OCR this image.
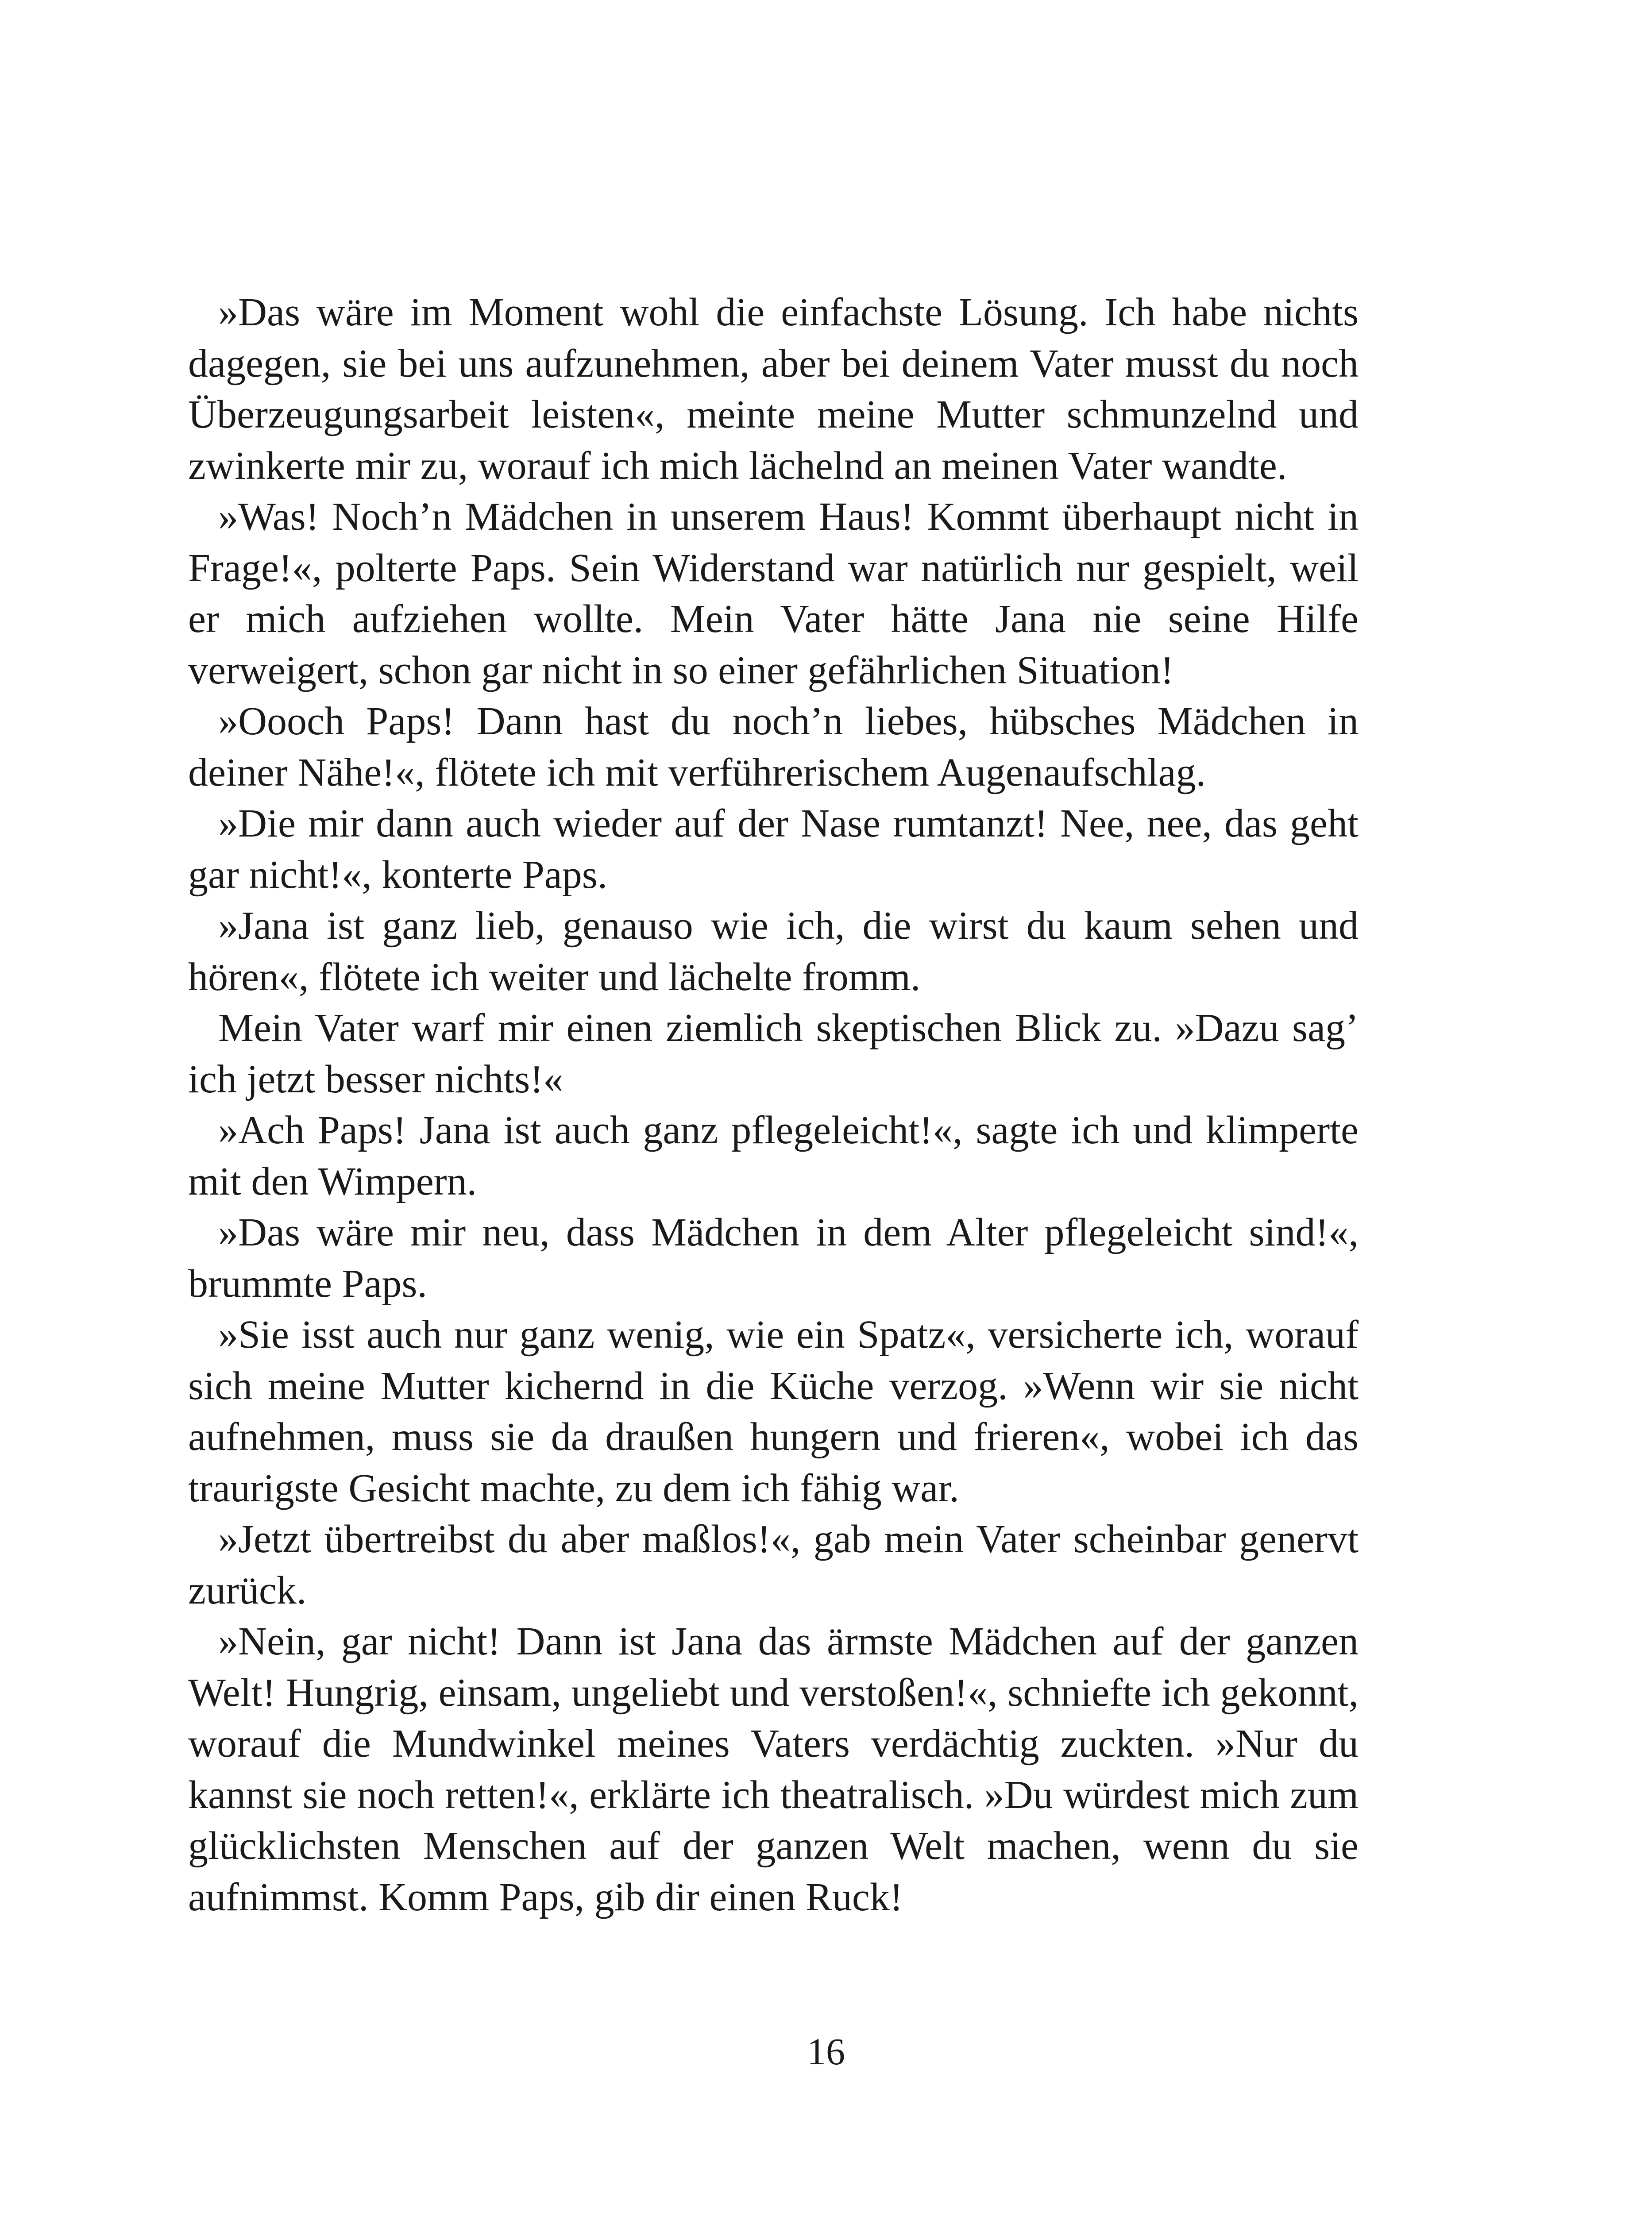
»Das wäre im Moment wohl die einfachste Lösung. Ich habe nichts dagegen, sie bei uns aufzunehmen, aber bei deinem Vater musst du noch Überzeugungsarbeit leisten«, meinte meine Mutter schmunzelnd und zwinkerte mir zu, worauf ich mich lächelnd an meinen Vater wandte.

»Was! Noch’n Mädchen in unserem Haus! Kommt überhaupt nicht in Frage!«, polterte Paps. Sein Widerstand war natürlich nur gespielt, weil er mich aufziehen wollte. Mein Vater hätte Jana nie seine Hilfe verweigert, schon gar nicht in so einer gefährlichen Situation!

»Oooch Paps! Dann hast du noch’n liebes, hübsches Mädchen in deiner Nähe!«, flötete ich mit verführerischem Augenaufschlag.

»Die mir dann auch wieder auf der Nase rumtanzt! Nee, nee, das geht gar nicht!«, konterte Paps.

»Jana ist ganz lieb, genauso wie ich, die wirst du kaum sehen und hören«, flötete ich weiter und lächelte fromm.

Mein Vater warf mir einen ziemlich skeptischen Blick zu. »Dazu sag’ ich jetzt besser nichts!«

»Ach Paps! Jana ist auch ganz pflegeleicht!«, sagte ich und klimperte mit den Wimpern.

»Das wäre mir neu, dass Mädchen in dem Alter pflegeleicht sind!«, brummte Paps.

»Sie isst auch nur ganz wenig, wie ein Spatz«, versicherte ich, worauf sich meine Mutter kichernd in die Küche verzog. »Wenn wir sie nicht aufnehmen, muss sie da draußen hungern und frieren«, wobei ich das traurigste Gesicht machte, zu dem ich fähig war.

»Jetzt übertreibst du aber maßlos!«, gab mein Vater scheinbar genervt zurück.

»Nein, gar nicht! Dann ist Jana das ärmste Mädchen auf der ganzen Welt! Hungrig, einsam, ungeliebt und verstoßen!«, schniefte ich gekonnt, worauf die Mundwinkel meines Vaters verdächtig zuckten. »Nur du kannst sie noch retten!«, erklärte ich theatralisch. »Du würdest mich zum glücklichsten Menschen auf der ganzen Welt machen, wenn du sie aufnimmst. Komm Paps, gib dir einen Ruck!

16
